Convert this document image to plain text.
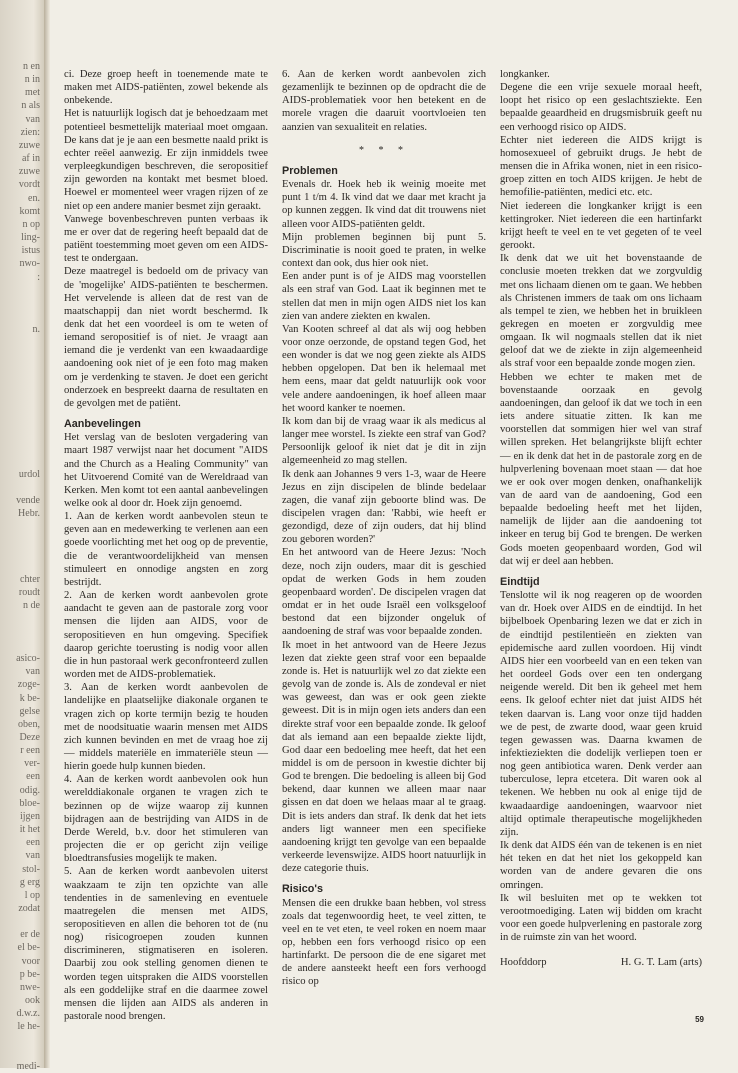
n en
n in
met
n als
van
zien:
zuwe
af in
zuwe
vordt
en.
komt
n op
ling-
istus
nwo-
:

n.

urdol

vende
Hebr.

chter
roudt
n de

asico-
van
zoge-
k be-
gelse
oben,
Deze
r een
ver-
een
odig.
bloe-
ijgen
it het
een
van
stol-
g erg
l op
zodat

er de
el be-
voor
p be-
nwe-
ook
d.w.z.
le he-

medi-

ci. Deze groep heeft in toenemende mate te maken met AIDS-patiënten, zowel bekende als onbekende.

Het is natuurlijk logisch dat je behoedzaam met potentieel besmettelijk materiaal moet omgaan. De kans dat je je aan een besmette naald prikt is echter reëel aanwezig. Er zijn inmiddels twee verpleegkundigen beschreven, die seropositief zijn geworden na kontakt met besmet bloed. Hoewel er momenteel weer vragen rijzen of ze niet op een andere manier besmet zijn geraakt.

Vanwege bovenbeschreven punten verbaas ik me er over dat de regering heeft bepaald dat de patiënt toestemming moet geven om een AIDS-test te ondergaan.

Deze maatregel is bedoeld om de privacy van de 'mogelijke' AIDS-patiënten te beschermen. Het vervelende is alleen dat de rest van de maatschappij dan niet wordt beschermd. Ik denk dat het een voordeel is om te weten of iemand seropositief is of niet. Je vraagt aan iemand die je verdenkt van een kwaadaardige aandoening ook niet of je een foto mag maken om je verdenking te staven. Je doet een gericht onderzoek en bespreekt daarna de resultaten en de gevolgen met de patiënt.

Aanbevelingen

Het verslag van de besloten vergadering van maart 1987 verwijst naar het document "AIDS and the Church as a Healing Community" van het Uitvoerend Comité van de Wereldraad van Kerken. Men komt tot een aantal aanbevelingen welke ook al door dr. Hoek zijn genoemd.

1. Aan de kerken wordt aanbevolen steun te geven aan en medewerking te verlenen aan een goede voorlichting met het oog op de preventie, die de verantwoordelijkheid van mensen stimuleert en onnodige angsten en zorg bestrijdt.

2. Aan de kerken wordt aanbevolen grote aandacht te geven aan de pastorale zorg voor mensen die lijden aan AIDS, voor de seropositieven en hun omgeving. Specifiek daarop gerichte toerusting is nodig voor allen die in hun pastoraal werk geconfronteerd zullen worden met de AIDS-problematiek.

3. Aan de kerken wordt aanbevolen de landelijke en plaatselijke diakonale organen te vragen zich op korte termijn bezig te houden met de noodsituatie waarin mensen met AIDS zich kunnen bevinden en met de vraag hoe zij — middels materiële en immateriële steun — hierin goede hulp kunnen bieden.

4. Aan de kerken wordt aanbevolen ook hun werelddiakonale organen te vragen zich te bezinnen op de wijze waarop zij kunnen bijdragen aan de bestrijding van AIDS in de Derde Wereld, b.v. door het stimuleren van projecten die er op gericht zijn veilige bloedtransfusies mogelijk te maken.

5. Aan de kerken wordt aanbevolen uiterst waakzaam te zijn ten opzichte van alle tendenties in de samenleving en eventuele maatregelen die mensen met AIDS, seropositieven en allen die behoren tot de (nu nog) risicogroepen zouden kunnen discrimineren, stigmatiseren en isoleren. Daarbij zou ook stelling genomen dienen te worden tegen uitspraken die AIDS voorstellen als een goddelijke straf en die daarmee zowel mensen die lijden aan AIDS als anderen in pastorale nood brengen.

6. Aan de kerken wordt aanbevolen zich gezamenlijk te bezinnen op de opdracht die de AIDS-problematiek voor hen betekent en de morele vragen die daaruit voortvloeien ten aanzien van sexualiteit en relaties.

* * *
Problemen

Evenals dr. Hoek heb ik weinig moeite met punt 1 t/m 4. Ik vind dat we daar met kracht ja op kunnen zeggen. Ik vind dat dit trouwens niet alleen voor AIDS-patiënten geldt.

Mijn problemen beginnen bij punt 5. Discriminatie is nooit goed te praten, in welke context dan ook, dus hier ook niet.

Een ander punt is of je AIDS mag voorstellen als een straf van God. Laat ik beginnen met te stellen dat men in mijn ogen AIDS niet los kan zien van andere ziekten en kwalen.

Van Kooten schreef al dat als wij oog hebben voor onze oerzonde, de opstand tegen God, het een wonder is dat we nog geen ziekte als AIDS hebben opgelopen. Dat ben ik helemaal met hem eens, maar dat geldt natuurlijk ook voor vele andere aandoeningen, ik hoef alleen maar het woord kanker te noemen.

Ik kom dan bij de vraag waar ik als medicus al langer mee worstel. Is ziekte een straf van God? Persoonlijk geloof ik niet dat je dit in zijn algemeenheid zo mag stellen.

Ik denk aan Johannes 9 vers 1-3, waar de Heere Jezus en zijn discipelen de blinde bedelaar zagen, die vanaf zijn geboorte blind was. De discipelen vragen dan: 'Rabbi, wie heeft er gezondigd, deze of zijn ouders, dat hij blind zou geboren worden?'

En het antwoord van de Heere Jezus: 'Noch deze, noch zijn ouders, maar dit is geschied opdat de werken Gods in hem zouden geopenbaard worden'. De discipelen vragen dat omdat er in het oude Israël een volksgeloof bestond dat een bijzonder ongeluk of aandoening de straf was voor bepaalde zonden.

Ik moet in het antwoord van de Heere Jezus lezen dat ziekte geen straf voor een bepaalde zonde is. Het is natuurlijk wel zo dat ziekte een gevolg van de zonde is. Als de zondeval er niet was geweest, dan was er ook geen ziekte geweest. Dit is in mijn ogen iets anders dan een direkte straf voor een bepaalde zonde. Ik geloof dat als iemand aan een bepaalde ziekte lijdt, God daar een bedoeling mee heeft, dat het een middel is om de persoon in kwestie dichter bij God te brengen. Die bedoeling is alleen bij God bekend, daar kunnen we alleen maar naar gissen en dat doen we helaas maar al te graag. Dit is iets anders dan straf. Ik denk dat het iets anders ligt wanneer men een specifieke aandoening krijgt ten gevolge van een bepaalde verkeerde levenswijze. AIDS hoort natuurlijk in deze categorie thuis.

Risico's

Mensen die een drukke baan hebben, vol stress zoals dat tegenwoordig heet, te veel zitten, te veel en te vet eten, te veel roken en noem maar op, hebben een fors verhoogd risico op een hartinfarkt. De persoon die de ene sigaret met de andere aansteekt heeft een fors verhoogd risico op

longkanker.

Degene die een vrije sexuele moraal heeft, loopt het risico op een geslachtsziekte. Een bepaalde geaardheid en drugsmisbruik geeft nu een verhoogd risico op AIDS.

Echter niet iedereen die AIDS krijgt is homosexueel of gebruikt drugs. Je hebt de mensen die in Afrika wonen, niet in een risico-groep zitten en toch AIDS krijgen. Je hebt de hemofilie-patiënten, medici etc. etc.

Niet iedereen die longkanker krijgt is een kettingroker. Niet iedereen die een hartinfarkt krijgt heeft te veel en te vet gegeten of te veel gerookt.

Ik denk dat we uit het bovenstaande de conclusie moeten trekken dat we zorgvuldig met ons lichaam dienen om te gaan. We hebben als Christenen immers de taak om ons lichaam als tempel te zien, we hebben het in bruikleen gekregen en moeten er zorgvuldig mee omgaan. Ik wil nogmaals stellen dat ik niet geloof dat we de ziekte in zijn algemeenheid als straf voor een bepaalde zonde mogen zien.

Hebben we echter te maken met de bovenstaande oorzaak en gevolg aandoeningen, dan geloof ik dat we toch in een iets andere situatie zitten. Ik kan me voorstellen dat sommigen hier wel van straf willen spreken. Het belangrijkste blijft echter — en ik denk dat het in de pastorale zorg en de hulpverlening bovenaan moet staan — dat hoe we er ook over mogen denken, onafhankelijk van de aard van de aandoening, God een bepaalde bedoeling heeft met het lijden, namelijk de lijder aan die aandoening tot inkeer en terug bij God te brengen. De werken Gods moeten geopenbaard worden, God wil dat wij er deel aan hebben.

Eindtijd

Tenslotte wil ik nog reageren op de woorden van dr. Hoek over AIDS en de eindtijd. In het bijbelboek Openbaring lezen we dat er zich in de eindtijd pestilentieën en ziekten van epidemische aard zullen voordoen. Hij vindt AIDS hier een voorbeeld van en een teken van het oordeel Gods over een ten ondergang neigende wereld. Dit ben ik geheel met hem eens. Ik geloof echter niet dat juist AIDS hét teken daarvan is. Lang voor onze tijd hadden we de pest, de zwarte dood, waar geen kruid tegen gewassen was. Daarna kwamen de infektieziekten die dodelijk verliepen toen er nog geen antibiotica waren. Denk verder aan tuberculose, lepra etcetera. Dit waren ook al tekenen. We hebben nu ook al enige tijd de kwaadaardige aandoeningen, waarvoor niet altijd optimale therapeutische mogelijkheden zijn.

Ik denk dat AIDS één van de tekenen is en niet hét teken en dat het niet los gekoppeld kan worden van de andere gevaren die ons omringen.

Ik wil besluiten met op te wekken tot verootmoediging. Laten wij bidden om kracht voor een goede hulpverlening en pastorale zorg in de ruimste zin van het woord.

Hoofddorp	H. G. T. Lam (arts)
59
